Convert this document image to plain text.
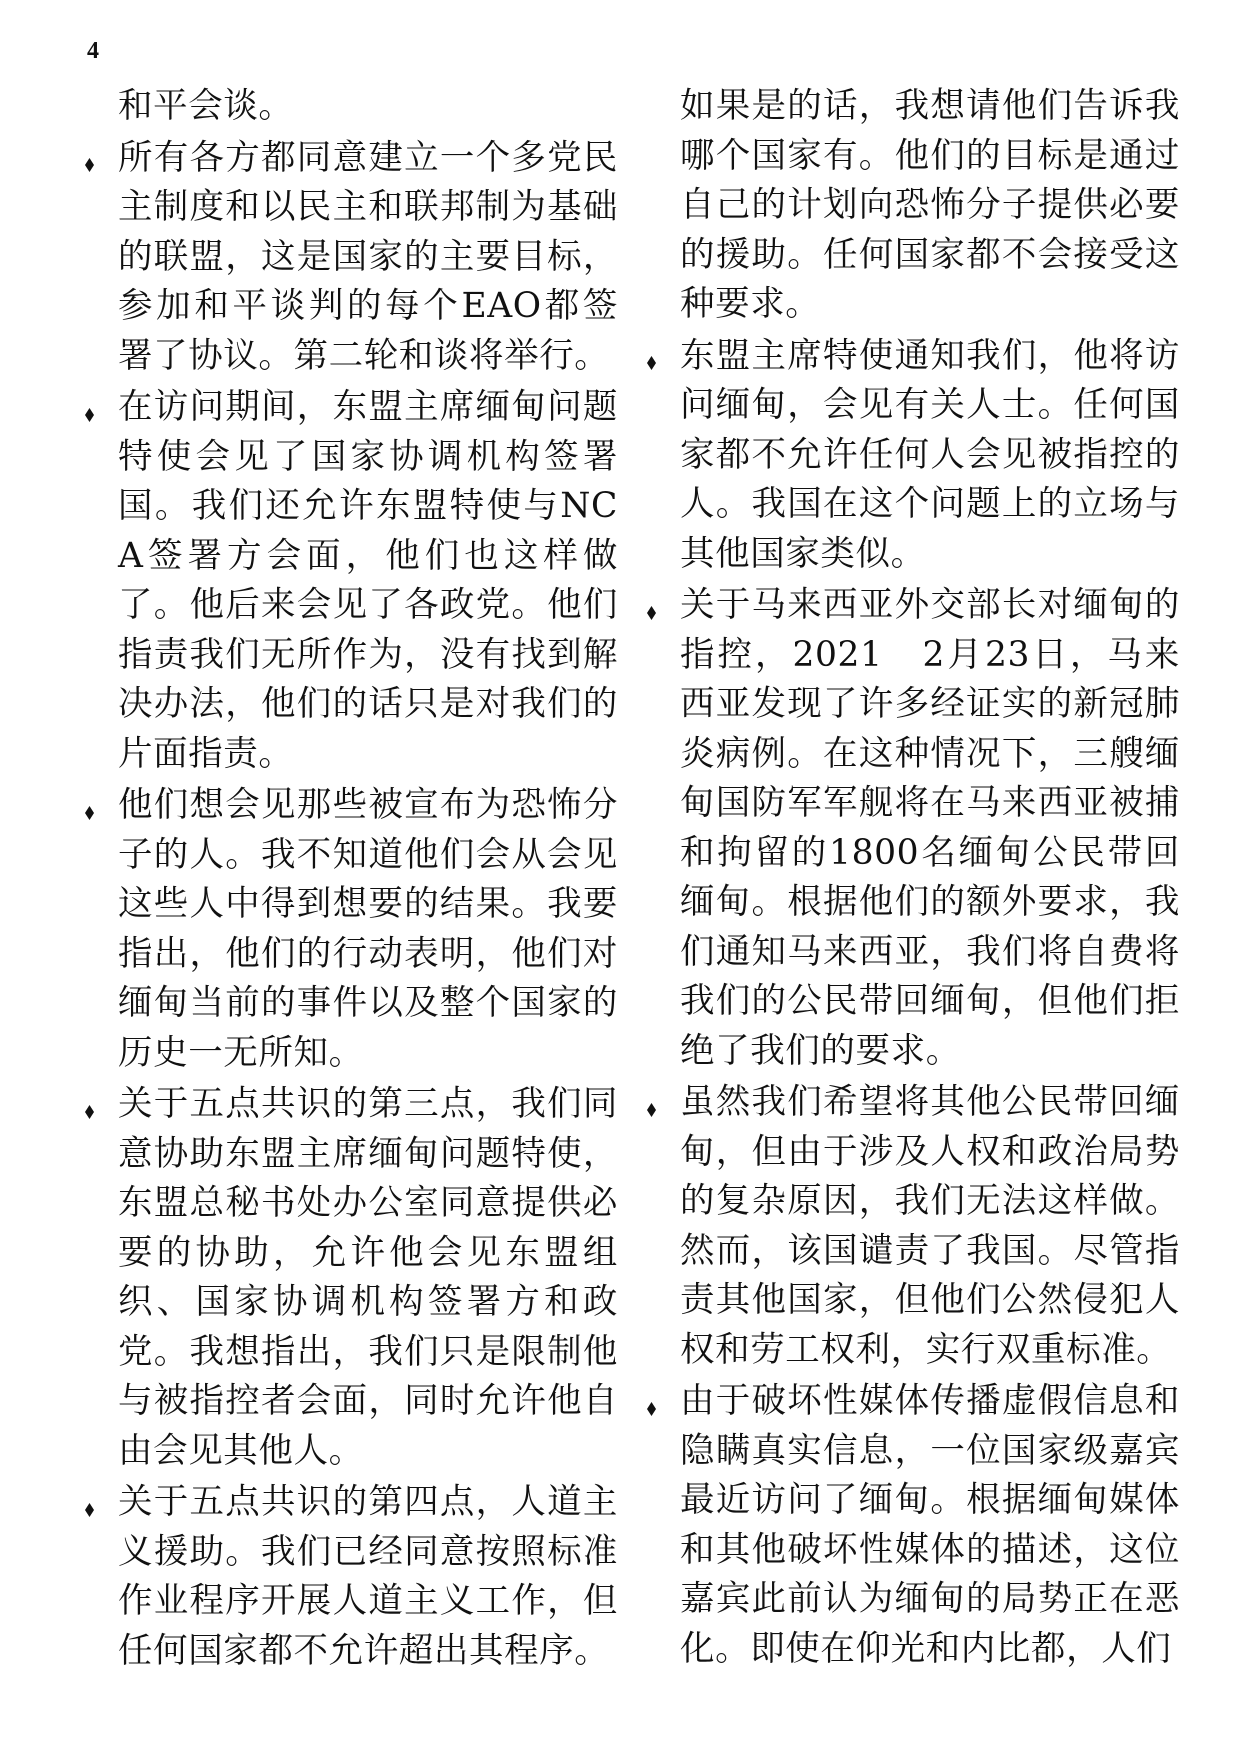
4

和平会谈。

所有各方都同意建立一个多党民主制度和以民主和联邦制为基础的联盟，这是国家的主要目标，参加和平谈判的每个EAO都签署了协议。第二轮和谈将举行。
在访问期间，东盟主席缅甸问题特使会见了国家协调机构签署国。我们还允许东盟特使与NCA签署方会面，他们也这样做了。他后来会见了各政党。他们指责我们无所作为，没有找到解决办法，他们的话只是对我们的片面指责。
他们想会见那些被宣布为恐怖分子的人。我不知道他们会从会见这些人中得到想要的结果。我要指出，他们的行动表明，他们对缅甸当前的事件以及整个国家的历史一无所知。
关于五点共识的第三点，我们同意协助东盟主席缅甸问题特使，东盟总秘书处办公室同意提供必要的协助，允许他会见东盟组织、国家协调机构签署方和政党。我想指出，我们只是限制他与被指控者会面，同时允许他自由会见其他人。
关于五点共识的第四点，人道主义援助。我们已经同意按照标准作业程序开展人道主义工作，但任何国家都不允许超出其程序。

如果是的话，我想请他们告诉我哪个国家有。他们的目标是通过自己的计划向恐怖分子提供必要的援助。任何国家都不会接受这种要求。

东盟主席特使通知我们，他将访问缅甸，会见有关人士。任何国家都不允许任何人会见被指控的人。我国在这个问题上的立场与其他国家类似。
关于马来西亚外交部长对缅甸的指控，2021　2月23日，马来西亚发现了许多经证实的新冠肺炎病例。在这种情况下，三艘缅甸国防军军舰将在马来西亚被捕和拘留的1800名缅甸公民带回缅甸。根据他们的额外要求，我们通知马来西亚，我们将自费将我们的公民带回缅甸，但他们拒绝了我们的要求。
虽然我们希望将其他公民带回缅甸，但由于涉及人权和政治局势的复杂原因，我们无法这样做。然而，该国谴责了我国。尽管指责其他国家，但他们公然侵犯人权和劳工权利，实行双重标准。
由于破坏性媒体传播虚假信息和隐瞒真实信息，一位国家级嘉宾最近访问了缅甸。根据缅甸媒体和其他破坏性媒体的描述，这位嘉宾此前认为缅甸的局势正在恶化。即使在仰光和内比都，人们
